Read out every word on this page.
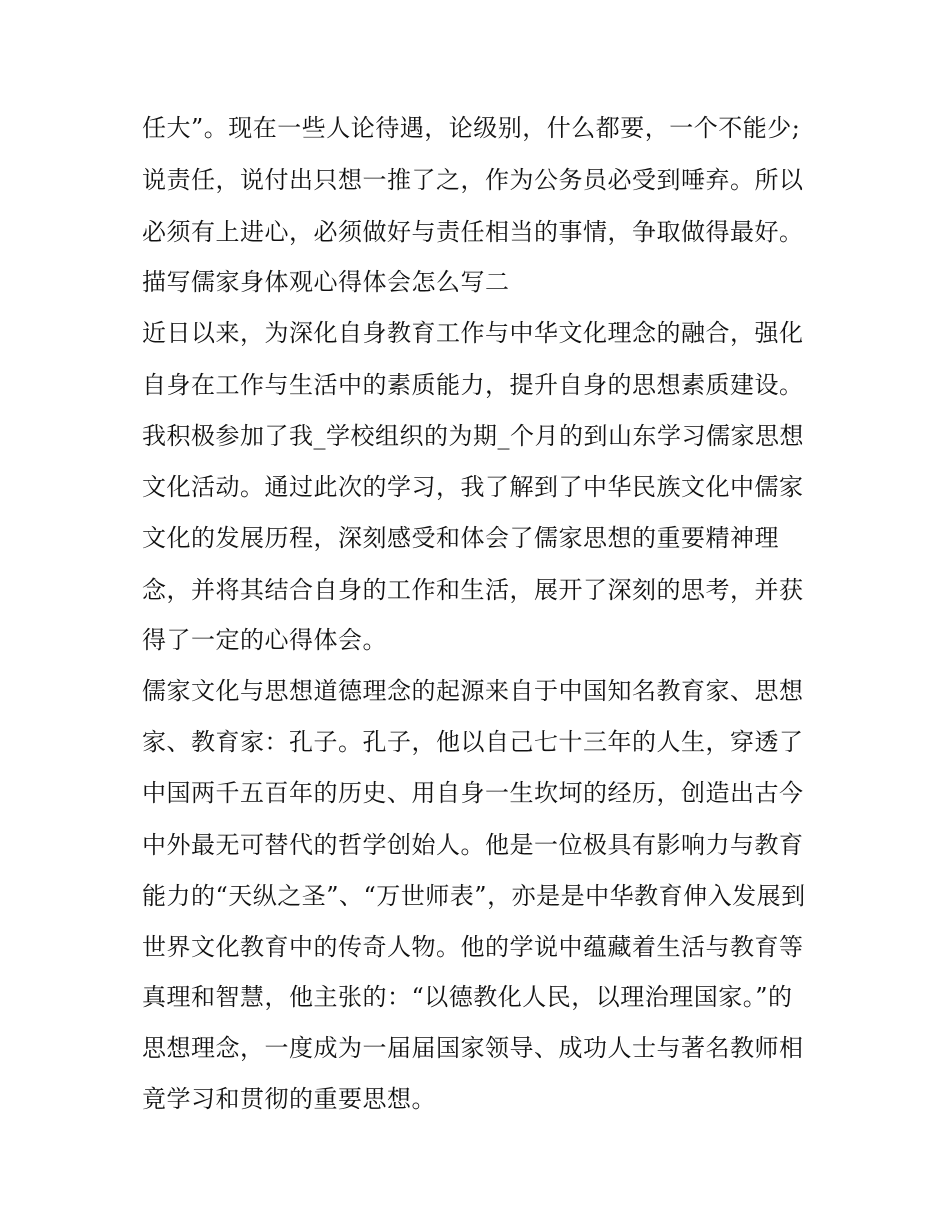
任大”。现在一些人论待遇，论级别，什么都要，一个不能少;
说责任，说付出只想一推了之，作为公务员必受到唾弃。所以
必须有上进心，必须做好与责任相当的事情，争取做得最好。
描写儒家身体观心得体会怎么写二
近日以来，为深化自身教育工作与中华文化理念的融合，强化
自身在工作与生活中的素质能力，提升自身的思想素质建设。
我积极参加了我_学校组织的为期_个月的到山东学习儒家思想
文化活动。通过此次的学习，我了解到了中华民族文化中儒家
文化的发展历程，深刻感受和体会了儒家思想的重要精神理
念，并将其结合自身的工作和生活，展开了深刻的思考，并获
得了一定的心得体会。
儒家文化与思想道德理念的起源来自于中国知名教育家、思想
家、教育家：孔子。孔子，他以自己七十三年的人生，穿透了
中国两千五百年的历史、用自身一生坎坷的经历，创造出古今
中外最无可替代的哲学创始人。他是一位极具有影响力与教育
能力的“天纵之圣”、“万世师表”，亦是是中华教育伸入发展到
世界文化教育中的传奇人物。他的学说中蕴藏着生活与教育等
真理和智慧，他主张的：“以德教化人民，以理治理国家。”的
思想理念，一度成为一届届国家领导、成功人士与著名教师相
竟学习和贯彻的重要思想。
